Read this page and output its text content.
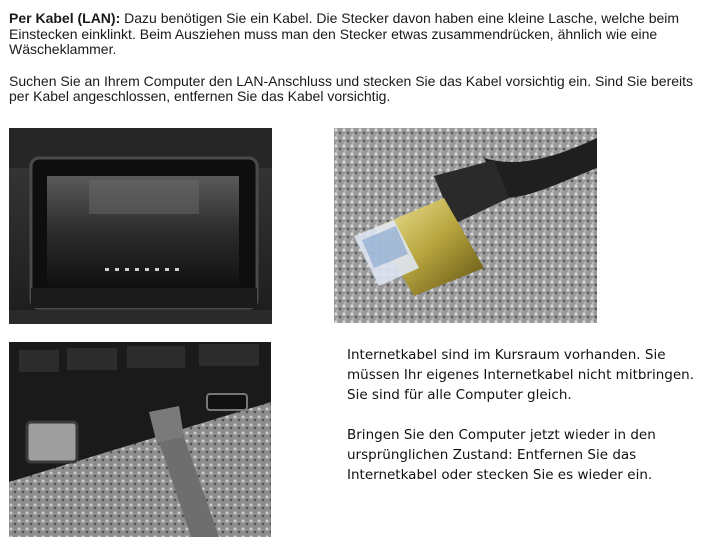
Per Kabel (LAN): Dazu benötigen Sie ein Kabel. Die Stecker davon haben eine kleine Lasche, welche beim Einstecken einklinkt. Beim Ausziehen muss man den Stecker etwas zusammendrücken, ähnlich wie eine Wäscheklammer.

Suchen Sie an Ihrem Computer den LAN-Anschluss und stecken Sie das Kabel vorsichtig ein. Sind Sie bereits per Kabel angeschlossen, entfernen Sie das Kabel vorsichtig.

Internetkabel sind im Kursraum vorhanden. Sie müssen Ihr eigenes Internetkabel nicht mitbringen. Sie sind für alle Computer gleich.

Bringen Sie den Computer jetzt wieder in den ursprünglichen Zustand: Entfernen Sie das Internetkabel oder stecken Sie es wieder ein.
